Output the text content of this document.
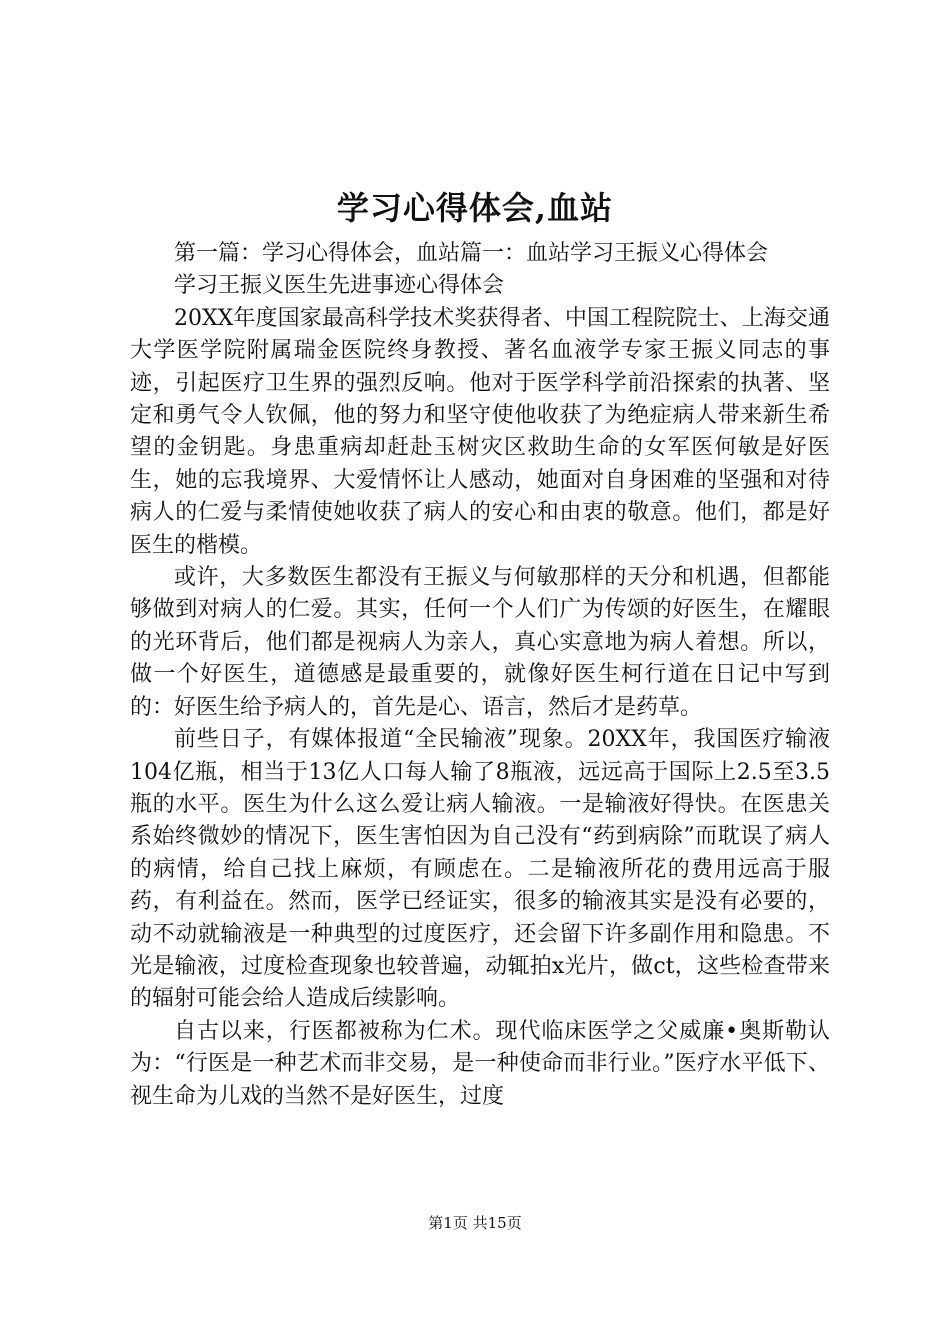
学习心得体会,血站

第一篇：学习心得体会，血站篇一：血站学习王振义心得体会

学习王振义医生先进事迹心得体会

20XX年度国家最高科学技术奖获得者、中国工程院院士、上海交通大学医学院附属瑞金医院终身教授、著名血液学专家王振义同志的事迹，引起医疗卫生界的强烈反响。他对于医学科学前沿探索的执著、坚定和勇气令人钦佩，他的努力和坚守使他收获了为绝症病人带来新生希望的金钥匙。身患重病却赶赴玉树灾区救助生命的女军医何敏是好医生，她的忘我境界、大爱情怀让人感动，她面对自身困难的坚强和对待病人的仁爱与柔情使她收获了病人的安心和由衷的敬意。他们，都是好医生的楷模。

或许，大多数医生都没有王振义与何敏那样的天分和机遇，但都能够做到对病人的仁爱。其实，任何一个人们广为传颂的好医生，在耀眼的光环背后，他们都是视病人为亲人，真心实意地为病人着想。所以，做一个好医生，道德感是最重要的，就像好医生柯行道在日记中写到的：好医生给予病人的，首先是心、语言，然后才是药草。

前些日子，有媒体报道“全民输液”现象。20XX年，我国医疗输液104亿瓶，相当于13亿人口每人输了8瓶液，远远高于国际上2.5至3.5瓶的水平。医生为什么这么爱让病人输液。一是输液好得快。在医患关系始终微妙的情况下，医生害怕因为自己没有“药到病除”而耽误了病人的病情，给自己找上麻烦，有顾虑在。二是输液所花的费用远高于服药，有利益在。然而，医学已经证实，很多的输液其实是没有必要的，动不动就输液是一种典型的过度医疗，还会留下许多副作用和隐患。不光是输液，过度检查现象也较普遍，动辄拍x光片，做ct，这些检查带来的辐射可能会给人造成后续影响。

自古以来，行医都被称为仁术。现代临床医学之父威廉•奥斯勒认为：“行医是一种艺术而非交易，是一种使命而非行业。”医疗水平低下、视生命为儿戏的当然不是好医生，过度

第1页 共15页
